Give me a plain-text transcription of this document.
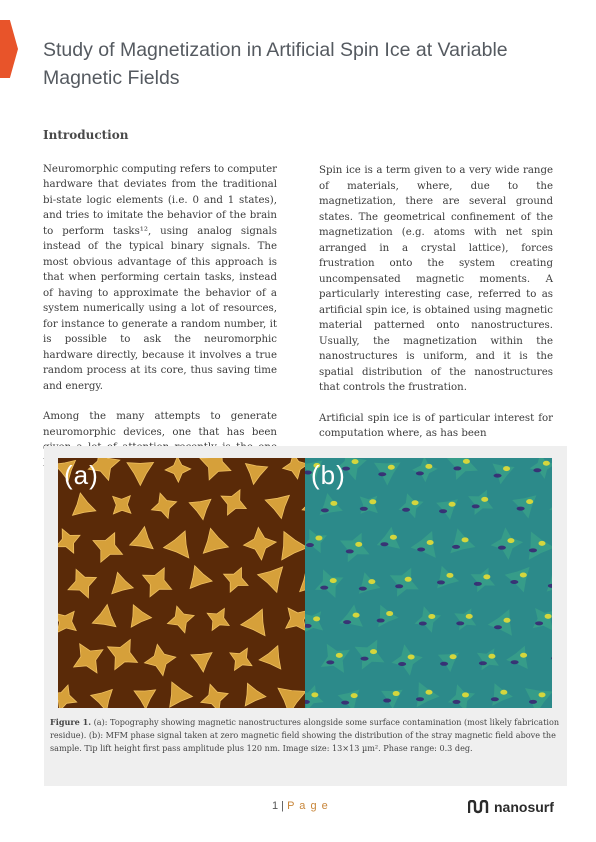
Study of Magnetization in Artificial Spin Ice at Variable Magnetic Fields
Introduction

Neuromorphic computing refers to computer hardware that deviates from the traditional bi-state logic elements (i.e. 0 and 1 states), and tries to imitate the behavior of the brain to perform tasks¹², using analog signals instead of the typical binary signals. The most obvious advantage of this approach is that when performing certain tasks, instead of having to approximate the behavior of a system numerically using a lot of resources, for instance to generate a random number, it is possible to ask the neuromorphic hardware directly, because it involves a true random process at its core, thus saving time and energy.

Among the many attempts to generate neuromorphic devices, one that has been

Spin ice is a term given to a very wide range of materials, where, due to the magnetization, there are several ground states. The geometrical confinement of the magnetization (e.g. atoms with net spin arranged in a crystal lattice), forces frustration onto the system creating uncompensated magnetic moments. A particularly interesting case, referred to as artificial spin ice, is obtained using magnetic material patterned onto nanostructures. Usually, the magnetization within the nanostructures is uniform, and it is the spatial distribution of the nanostructures that controls the frustration.

Artificial spin ice is of particular interest for computation where, as has been

(a)	(b)
Figure 1. (a): Topography showing magnetic nanostructures alongside some surface contamination (most likely fabrication residue). (b): MFM phase signal taken at zero magnetic field showing the distribution of the stray magnetic field above the sample. Tip lift height first pass amplitude plus 120 nm. Image size: 13×13 µm². Phase range: 0.3 deg.
1 | P a g e	nanosurf
